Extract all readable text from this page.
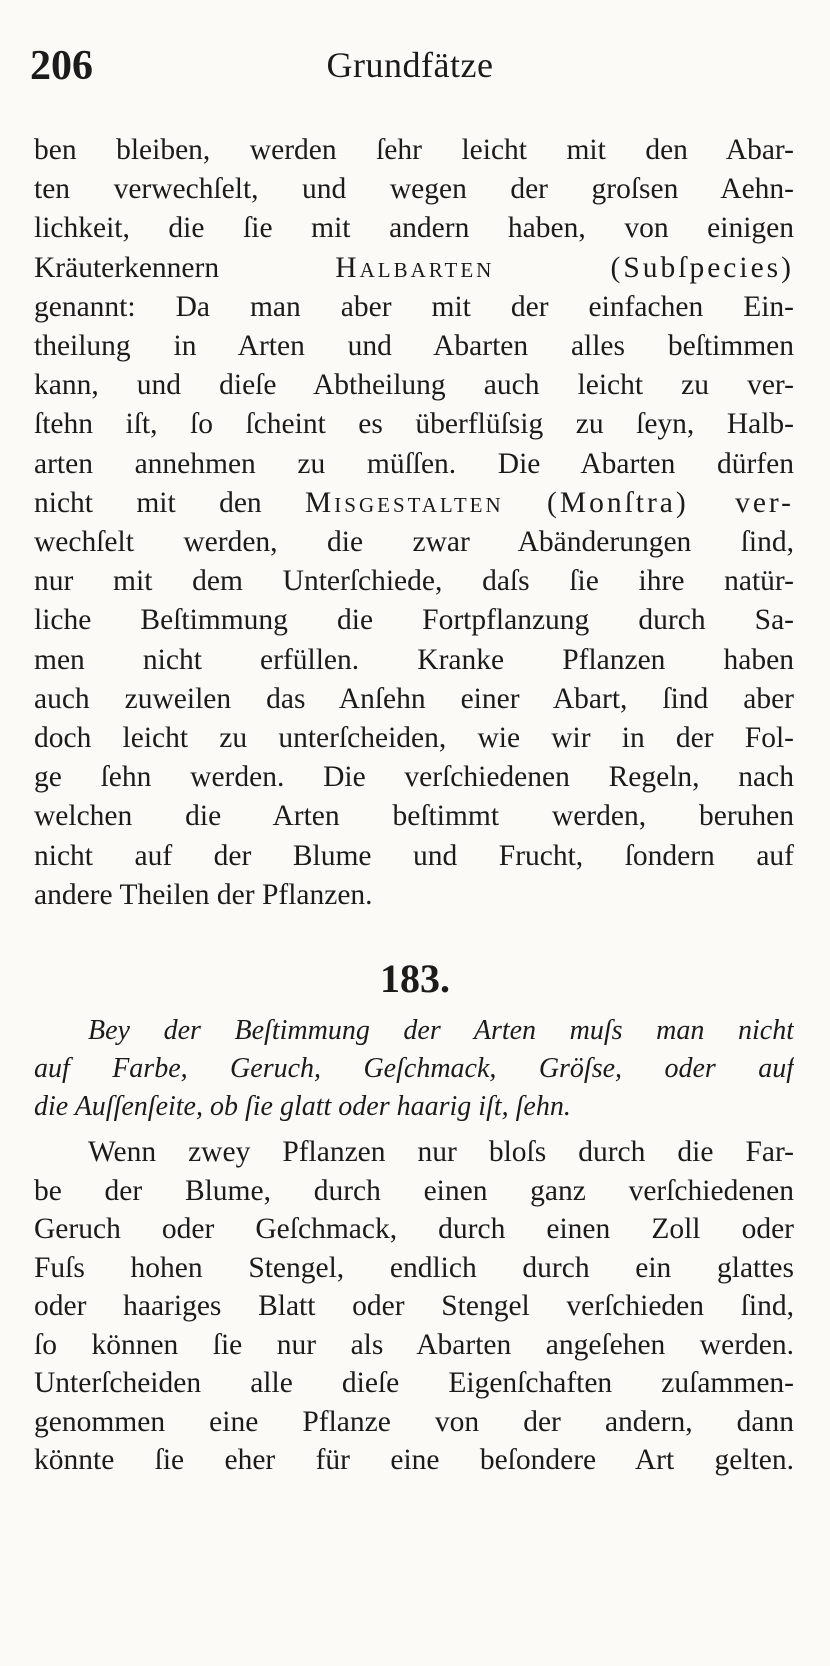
206	Grundfätze
ben bleiben, werden ſehr leicht mit den Abar-
ten verwechſelt, und wegen der groſsen Aehn-
lichkeit, die ſie mit andern haben, von einigen
Kräuterkennern	Halbarten	(Subſpecies)
genannt: Da man aber mit der einfachen Ein-
theilung in Arten und Abarten alles beſtimmen
kann, und dieſe Abtheilung auch leicht zu ver-
ſtehn iſt, ſo ſcheint es überflüſsig zu ſeyn, Halb-
arten annehmen zu müſſen. Die Abarten dürfen
nicht mit den Misgestalten (Monſtra) ver-
wechſelt werden, die zwar Abänderungen ſind,
nur mit dem Unterſchiede, daſs ſie ihre natür-
liche Beſtimmung die Fortpflanzung durch Sa-
men nicht erfüllen. Kranke Pflanzen haben
auch zuweilen das Anſehn einer Abart, ſind aber
doch leicht zu unterſcheiden, wie wir in der Fol-
ge ſehn werden. Die verſchiedenen Regeln, nach
welchen die Arten beſtimmt werden, beruhen
nicht auf der Blume und Frucht, ſondern auf
andere Theilen der Pflanzen.
183.
Bey der Beſtimmung der Arten muſs man nicht
auf Farbe, Geruch, Geſchmack, Gröſse, oder auf
die Auſſenſeite, ob ſie glatt oder haarig iſt, ſehn.
Wenn zwey Pflanzen nur bloſs durch die Far-
be der Blume, durch einen ganz verſchiedenen
Geruch oder Geſchmack, durch einen Zoll oder
Fuſs hohen Stengel, endlich durch ein glattes
oder haariges Blatt oder Stengel verſchieden ſind,
ſo können ſie nur als Abarten angeſehen werden.
Unterſcheiden alle dieſe Eigenſchaften zuſammen-
genommen eine Pflanze von der andern, dann
könnte ſie eher für eine beſondere Art gelten.
